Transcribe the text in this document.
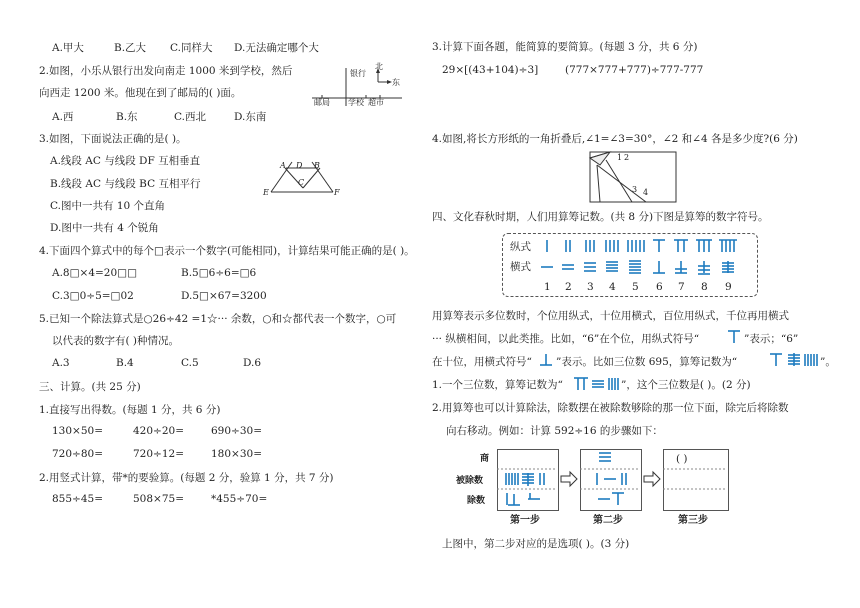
A.甲大	B.乙大 C.同样大 D.无法确定哪个大
2.如图，小乐从银行出发向南走 1000 米到学校，然后
向西走 1200 米。他现在到了邮局的( )面。
银行
北
东
邮局 学校 超市
A.西	B.东	C.西北	D.东南
3.如图，下面说法正确的是( )。
A.线段 AC 与线段 DF 互相垂直
B.线段 AC 与线段 BC 互相平行
C.图中一共有 10 个直角
D.图中一共有 4 个锐角
A	B
C
D
E	F
4.下面四个算式中的每个□表示一个数字(可能相同)，计算结果可能正确的是( )。
A.8□×4=20□□	B.5□6÷6=□6
C.3□0÷5=□02	D.5□×67=3200
5.已知一个除法算式是○26÷42 =1☆··· 余数，○和☆都代表一个数字，○可
以代表的数字有( )种情况。
A.3	B.4	C.5	D.6
三、计算。(共 25 分)
1.直接写出得数。(每题 1 分，共 6 分)
130×50=	420÷20=	690÷30=
720÷80=	720÷12=	180×30=
2.用竖式计算，带*的要验算。(每题 2 分，验算 1 分，共 7 分)
855÷45=	508×75=	*455÷70=
3.计算下面各题，能简算的要简算。(每题 3 分，共 6 分)
29×[(43+104)÷3]	(777×777+777)÷777-777
4.如图,将长方形纸的一角折叠后,∠1=∠3=30°，∠2 和∠4 各是多少度?(6 分)
1 2
3 4
四、文化春秋时期，人们用算筹记数。(共 8 分)下图是算筹的数字符号。
纵式
横式
1 2 3 4 5 6 7 8 9
用算筹表示多位数时，个位用纵式，十位用横式，百位用纵式，千位再用横式
··· 纵横相间，以此类推。比如，“6”在个位，用纵式符号“	”表示；“6”
在十位，用横式符号“ ”表示。比如三位数 695，算筹记数为“	”。
1.一个三位数，算筹记数为“	”，这个三位数是( )。(2 分)
2.用算筹也可以计算除法，除数摆在被除数够除的那一位下面，除完后将除数
向右移动。例如：计算 592÷16 的步骤如下：
商
被除数
除数
( )
第一步	第二步	第三步
上图中，第二步对应的是选项( )。(3 分)
